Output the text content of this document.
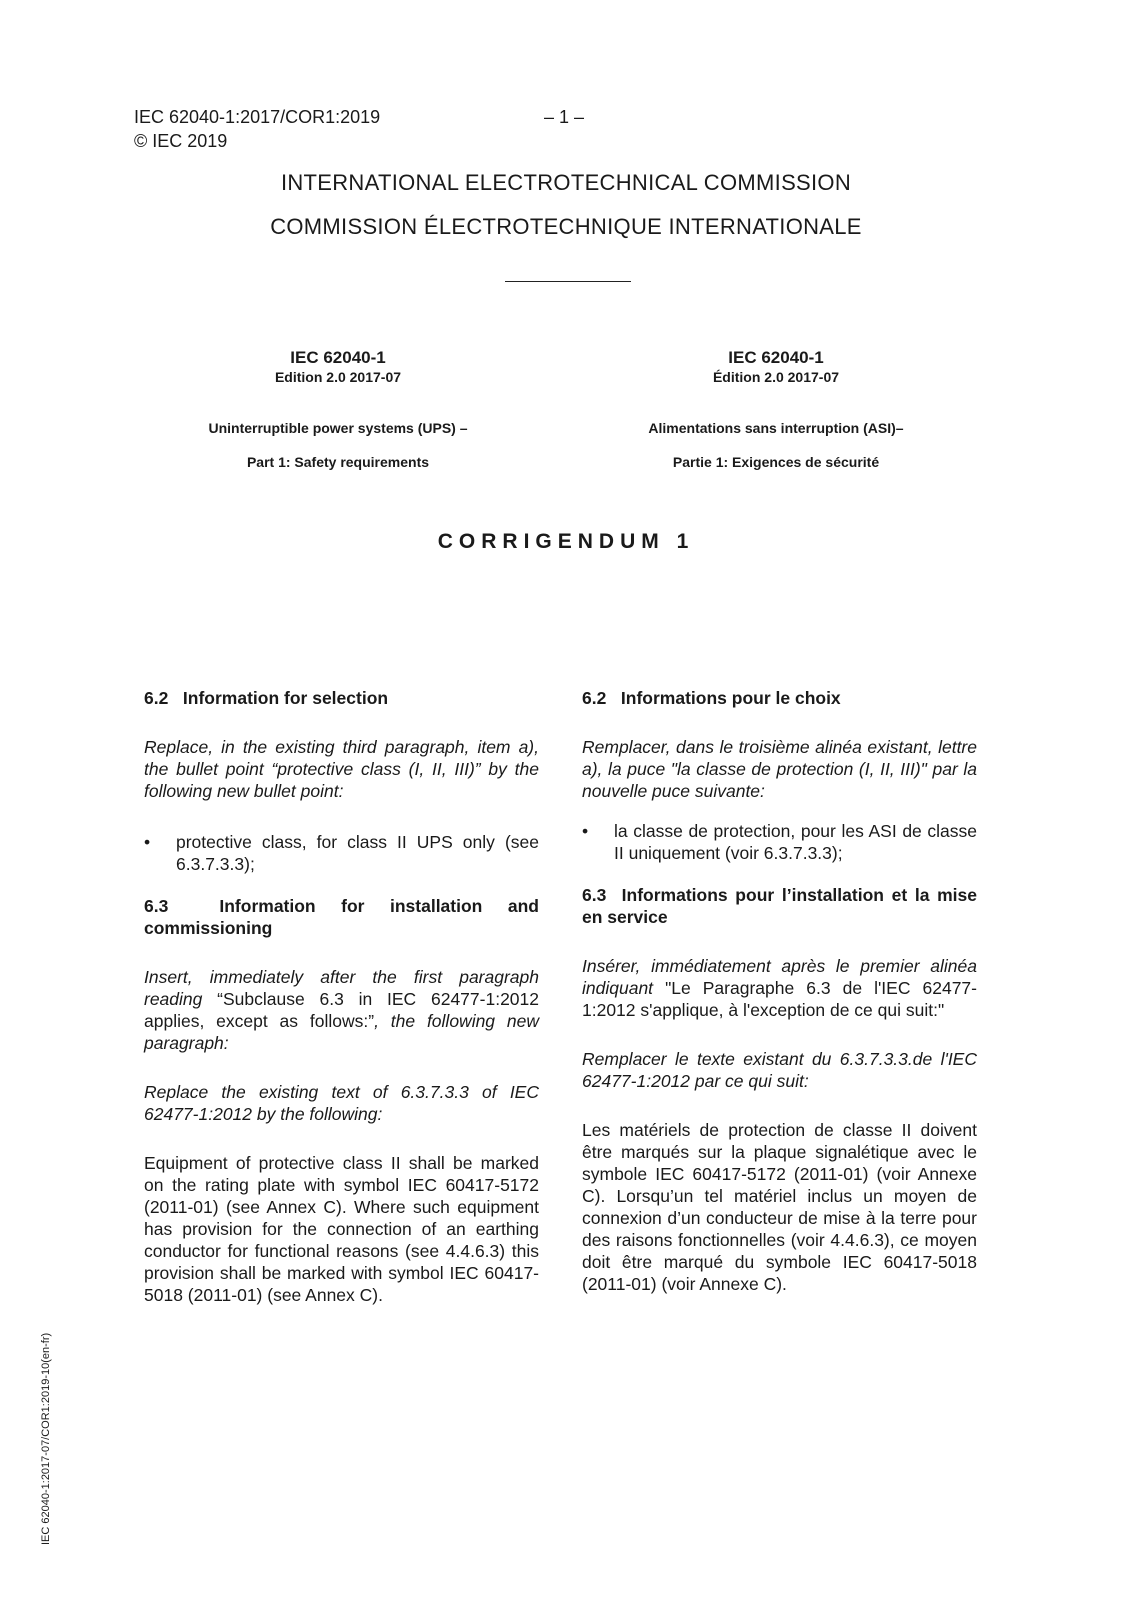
IEC 62040-1:2017/COR1:2019	– 1 –
© IEC 2019
INTERNATIONAL ELECTROTECHNICAL COMMISSION
COMMISSION ÉLECTROTECHNIQUE INTERNATIONALE
IEC 62040-1
Edition 2.0 2017-07
Uninterruptible power systems (UPS) –
Part 1: Safety requirements
IEC 62040-1
Édition 2.0 2017-07
Alimentations sans interruption (ASI)–
Partie 1: Exigences de sécurité
CORRIGENDUM 1

6.2 Information for selection

Replace, in the existing third paragraph, item a), the bullet point “protective class (I, II, III)” by the following new bullet point:

•	protective class, for class II UPS only (see 6.3.7.3.3);

6.3	Information for installation and commissioning

Insert, immediately after the first paragraph reading “Subclause 6.3 in IEC 62477-1:2012 applies, except as follows:”, the following new paragraph:

Replace the existing text of 6.3.7.3.3 of IEC 62477-1:2012 by the following:

Equipment of protective class II shall be marked on the rating plate with symbol IEC 60417-5172 (2011-01) (see Annex C). Where such equipment has provision for the connection of an earthing conductor for functional reasons (see 4.4.6.3) this provision shall be marked with symbol IEC 60417-5018 (2011-01) (see Annex C).

6.2 Informations pour le choix

Remplacer, dans le troisième alinéa existant, lettre a), la puce "la classe de protection (I, II, III)" par la nouvelle puce suivante:

•	la classe de protection, pour les ASI de classe II uniquement (voir 6.3.7.3.3);

6.3 Informations pour l’installation et la mise en service

Insérer, immédiatement après le premier alinéa indiquant "Le Paragraphe 6.3 de l'IEC 62477-1:2012 s'applique, à l'exception de ce qui suit:"

Remplacer le texte existant du 6.3.7.3.3.de l'IEC 62477-1:2012 par ce qui suit:

Les matériels de protection de classe II doivent être marqués sur la plaque signalétique avec le symbole IEC 60417-5172 (2011-01) (voir Annexe C). Lorsqu’un tel matériel inclus un moyen de connexion d’un conducteur de mise à la terre pour des raisons fonctionnelles (voir 4.4.6.3), ce moyen doit être marqué du symbole IEC 60417-5018 (2011-01) (voir Annexe C).

IEC 62040-1:2017-07/COR1:2019-10(en-fr)
